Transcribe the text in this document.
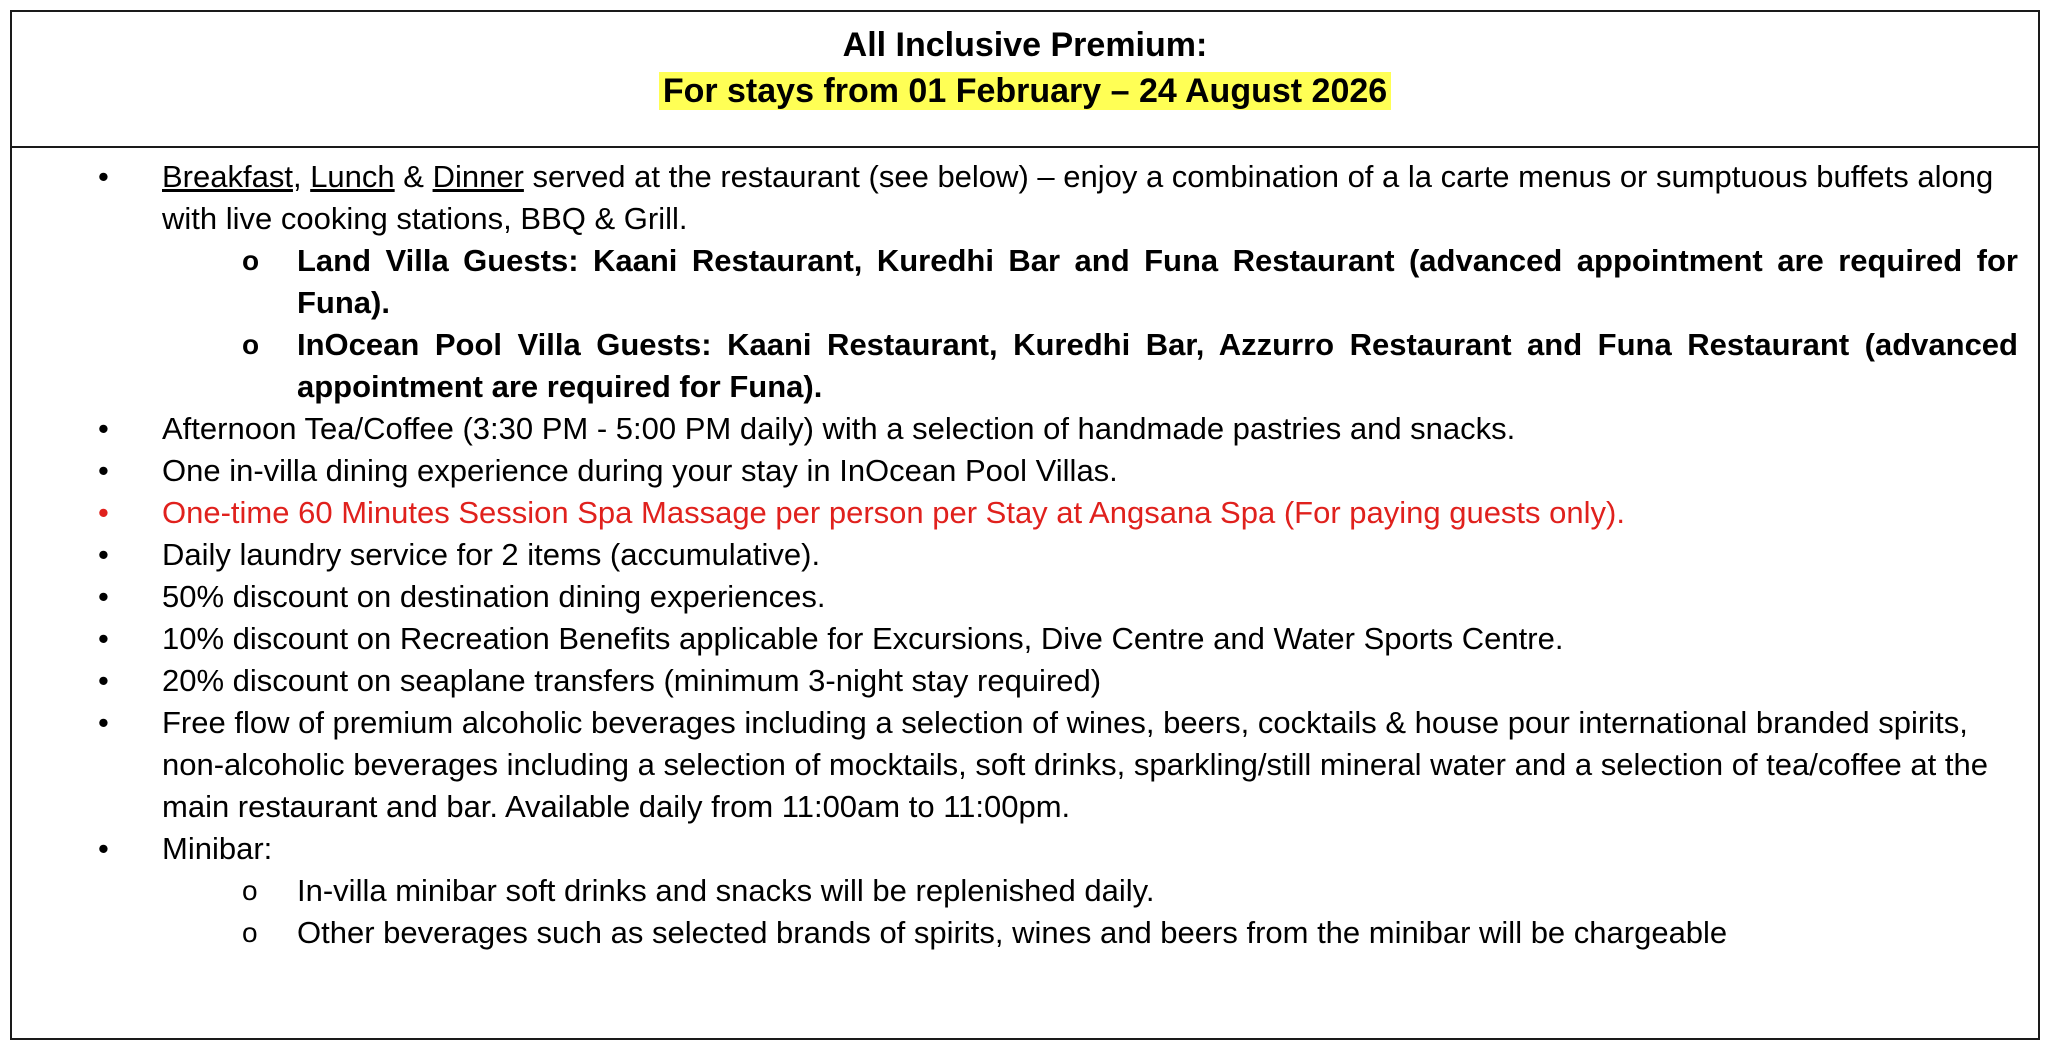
All Inclusive Premium:
For stays from 01 February – 24 August 2026
•	Breakfast, Lunch & Dinner served at the restaurant (see below) – enjoy a combination of a la carte menus or sumptuous buffets along with live cooking stations, BBQ & Grill.
o Land Villa Guests: Kaani Restaurant, Kuredhi Bar and Funa Restaurant (advanced appointment are required for Funa).
o InOcean Pool Villa Guests: Kaani Restaurant, Kuredhi Bar, Azzurro Restaurant and Funa Restaurant (advanced appointment are required for Funa).
•	Afternoon Tea/Coffee (3:30 PM - 5:00 PM daily) with a selection of handmade pastries and snacks.
•	One in-villa dining experience during your stay in InOcean Pool Villas.
•	One-time 60 Minutes Session Spa Massage per person per Stay at Angsana Spa (For paying guests only).
•	Daily laundry service for 2 items (accumulative).
•	50% discount on destination dining experiences.
•	10% discount on Recreation Benefits applicable for Excursions, Dive Centre and Water Sports Centre.
•	20% discount on seaplane transfers (minimum 3-night stay required)
•	Free flow of premium alcoholic beverages including a selection of wines, beers, cocktails & house pour international branded spirits, non-alcoholic beverages including a selection of mocktails, soft drinks, sparkling/still mineral water and a selection of tea/coffee at the main restaurant and bar. Available daily from 11:00am to 11:00pm.
•	Minibar:
o In-villa minibar soft drinks and snacks will be replenished daily.
o Other beverages such as selected brands of spirits, wines and beers from the minibar will be chargeable
